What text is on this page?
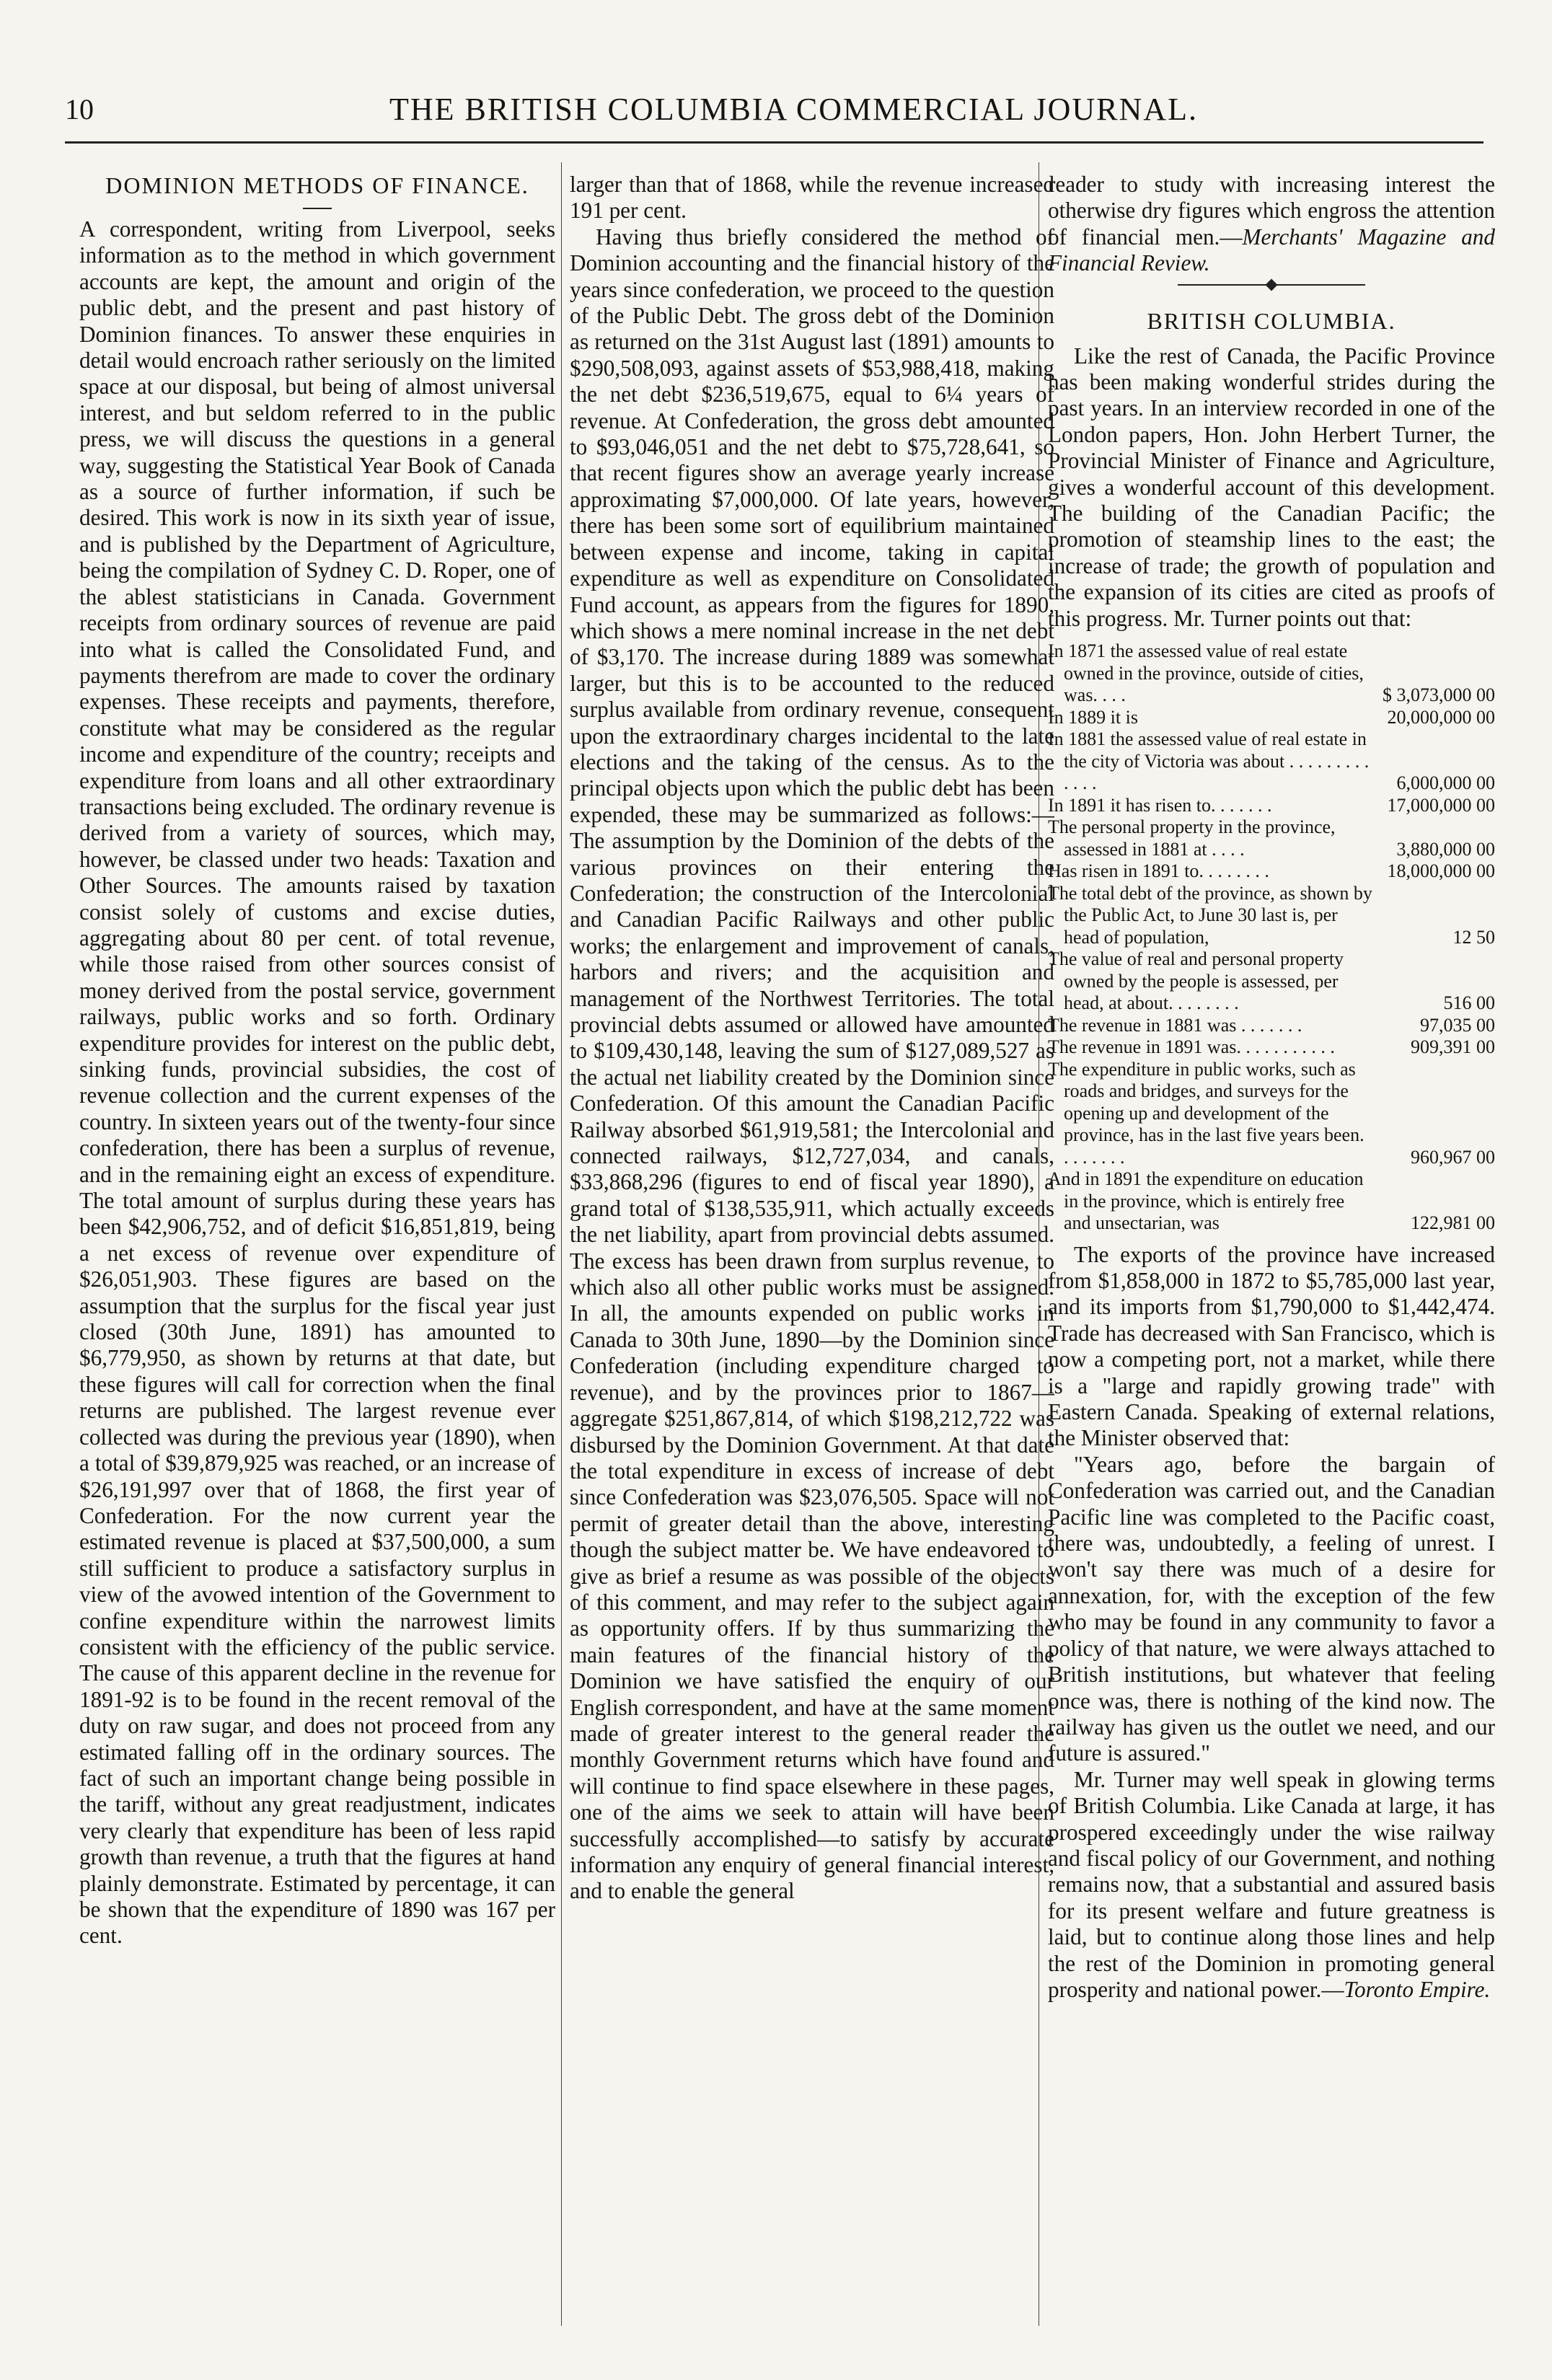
10	THE BRITISH COLUMBIA COMMERCIAL JOURNAL.
DOMINION METHODS OF FINANCE.

A correspondent, writing from Liverpool, seeks information as to the method in which government accounts are kept, the amount and origin of the public debt, and the present and past history of Dominion finances. To answer these enquiries in detail would encroach rather seriously on the limited space at our disposal, but being of almost universal interest, and but seldom referred to in the public press, we will discuss the questions in a general way, suggesting the Statistical Year Book of Canada as a source of further information, if such be desired. This work is now in its sixth year of issue, and is published by the Department of Agriculture, being the compilation of Sydney C. D. Roper, one of the ablest statisticians in Canada. Government receipts from ordinary sources of revenue are paid into what is called the Consolidated Fund, and payments therefrom are made to cover the ordinary expenses. These receipts and payments, therefore, constitute what may be considered as the regular income and expenditure of the country; receipts and expenditure from loans and all other extraordinary transactions being excluded. The ordinary revenue is derived from a variety of sources, which may, however, be classed under two heads: Taxation and Other Sources. The amounts raised by taxation consist solely of customs and excise duties, aggregating about 80 per cent. of total revenue, while those raised from other sources consist of money derived from the postal service, government railways, public works and so forth. Ordinary expenditure provides for interest on the public debt, sinking funds, provincial subsidies, the cost of revenue collection and the current expenses of the country. In sixteen years out of the twenty-four since confederation, there has been a surplus of revenue, and in the remaining eight an excess of expenditure. The total amount of surplus during these years has been $42,906,752, and of deficit $16,851,819, being a net excess of revenue over expenditure of $26,051,903. These figures are based on the assumption that the surplus for the fiscal year just closed (30th June, 1891) has amounted to $6,779,950, as shown by returns at that date, but these figures will call for correction when the final returns are published. The largest revenue ever collected was during the previous year (1890), when a total of $39,879,925 was reached, or an increase of $26,191,997 over that of 1868, the first year of Confederation. For the now current year the estimated revenue is placed at $37,500,000, a sum still sufficient to produce a satisfactory surplus in view of the avowed intention of the Government to confine expenditure within the narrowest limits consistent with the efficiency of the public service. The cause of this apparent decline in the revenue for 1891-92 is to be found in the recent removal of the duty on raw sugar, and does not proceed from any estimated falling off in the ordinary sources. The fact of such an important change being possible in the tariff, without any great readjustment, indicates very clearly that expenditure has been of less rapid growth than revenue, a truth that the figures at hand plainly demonstrate. Estimated by percentage, it can be shown that the expenditure of 1890 was 167 per cent.

larger than that of 1868, while the revenue increased 191 per cent.

Having thus briefly considered the method of Dominion accounting and the financial history of the years since confederation, we proceed to the question of the Public Debt. The gross debt of the Dominion as returned on the 31st August last (1891) amounts to $290,508,093, against assets of $53,988,418, making the net debt $236,519,675, equal to 6¼ years of revenue. At Confederation, the gross debt amounted to $93,046,051 and the net debt to $75,728,641, so that recent figures show an average yearly increase approximating $7,000,000. Of late years, however, there has been some sort of equilibrium maintained between expense and income, taking in capital expenditure as well as expenditure on Consolidated Fund account, as appears from the figures for 1890, which shows a mere nominal increase in the net debt of $3,170. The increase during 1889 was somewhat larger, but this is to be accounted to the reduced surplus available from ordinary revenue, consequent upon the extraordinary charges incidental to the late elections and the taking of the census. As to the principal objects upon which the public debt has been expended, these may be summarized as follows:—The assumption by the Dominion of the debts of the various provinces on their entering the Confederation; the construction of the Intercolonial and Canadian Pacific Railways and other public works; the enlargement and improvement of canals, harbors and rivers; and the acquisition and management of the Northwest Territories. The total provincial debts assumed or allowed have amounted to $109,430,148, leaving the sum of $127,089,527 as the actual net liability created by the Dominion since Confederation. Of this amount the Canadian Pacific Railway absorbed $61,919,581; the Intercolonial and connected railways, $12,727,034, and canals, $33,868,296 (figures to end of fiscal year 1890), a grand total of $138,535,911, which actually exceeds the net liability, apart from provincial debts assumed. The excess has been drawn from surplus revenue, to which also all other public works must be assigned. In all, the amounts expended on public works in Canada to 30th June, 1890—by the Dominion since Confederation (including expenditure charged to revenue), and by the provinces prior to 1867—aggregate $251,867,814, of which $198,212,722 was disbursed by the Dominion Government. At that date the total expenditure in excess of increase of debt since Confederation was $23,076,505. Space will not permit of greater detail than the above, interesting though the subject matter be. We have endeavored to give as brief a resume as was possible of the objects of this comment, and may refer to the subject again as opportunity offers. If by thus summarizing the main features of the financial history of the Dominion we have satisfied the enquiry of our English correspondent, and have at the same moment made of greater interest to the general reader the monthly Government returns which have found and will continue to find space elsewhere in these pages, one of the aims we seek to attain will have been successfully accomplished—to satisfy by accurate information any enquiry of general financial interest, and to enable the general

reader to study with increasing interest the otherwise dry figures which engross the attention of financial men.—Merchants' Magazine and Financial Review.

BRITISH COLUMBIA.

Like the rest of Canada, the Pacific Province has been making wonderful strides during the past years. In an interview recorded in one of the London papers, Hon. John Herbert Turner, the Provincial Minister of Finance and Agriculture, gives a wonderful account of this development. The building of the Canadian Pacific; the promotion of steamship lines to the east; the increase of trade; the growth of population and the expansion of its cities are cited as proofs of this progress. Mr. Turner points out that:

In 1871 the assessed value of real estate owned in the province, outside of cities, was. . . .	$ 3,073,000 00
In 1889 it is	20,000,000 00
In 1881 the assessed value of real estate in the city of Victoria was about . . . . . . . . . . . . .	6,000,000 00
In 1891 it has risen to. . . . . . .	17,000,000 00
The personal property in the province, assessed in 1881 at . . . .	3,880,000 00
Has risen in 1891 to. . . . . . . .	18,000,000 00
The total debt of the province, as shown by the Public Act, to June 30 last is, per head of population,	12 50
The value of real and personal property owned by the people is assessed, per head, at about. . . . . . . .	516 00
The revenue in 1881 was . . . . . . .	97,035 00
The revenue in 1891 was. . . . . . . . . . .	909,391 00
The expenditure in public works, such as roads and bridges, and surveys for the opening up and development of the province, has in the last five years been. . . . . . . .	960,967 00
And in 1891 the expenditure on education in the province, which is entirely free and unsectarian, was	122,981 00

The exports of the province have increased from $1,858,000 in 1872 to $5,785,000 last year, and its imports from $1,790,000 to $1,442,474. Trade has decreased with San Francisco, which is now a competing port, not a market, while there is a "large and rapidly growing trade" with Eastern Canada. Speaking of external relations, the Minister observed that:

"Years ago, before the bargain of Confederation was carried out, and the Canadian Pacific line was completed to the Pacific coast, there was, undoubtedly, a feeling of unrest. I won't say there was much of a desire for annexation, for, with the exception of the few who may be found in any community to favor a policy of that nature, we were always attached to British institutions, but whatever that feeling once was, there is nothing of the kind now. The railway has given us the outlet we need, and our future is assured."

Mr. Turner may well speak in glowing terms of British Columbia. Like Canada at large, it has prospered exceedingly under the wise railway and fiscal policy of our Government, and nothing remains now, that a substantial and assured basis for its present welfare and future greatness is laid, but to continue along those lines and help the rest of the Dominion in promoting general prosperity and national power.—Toronto Empire.
